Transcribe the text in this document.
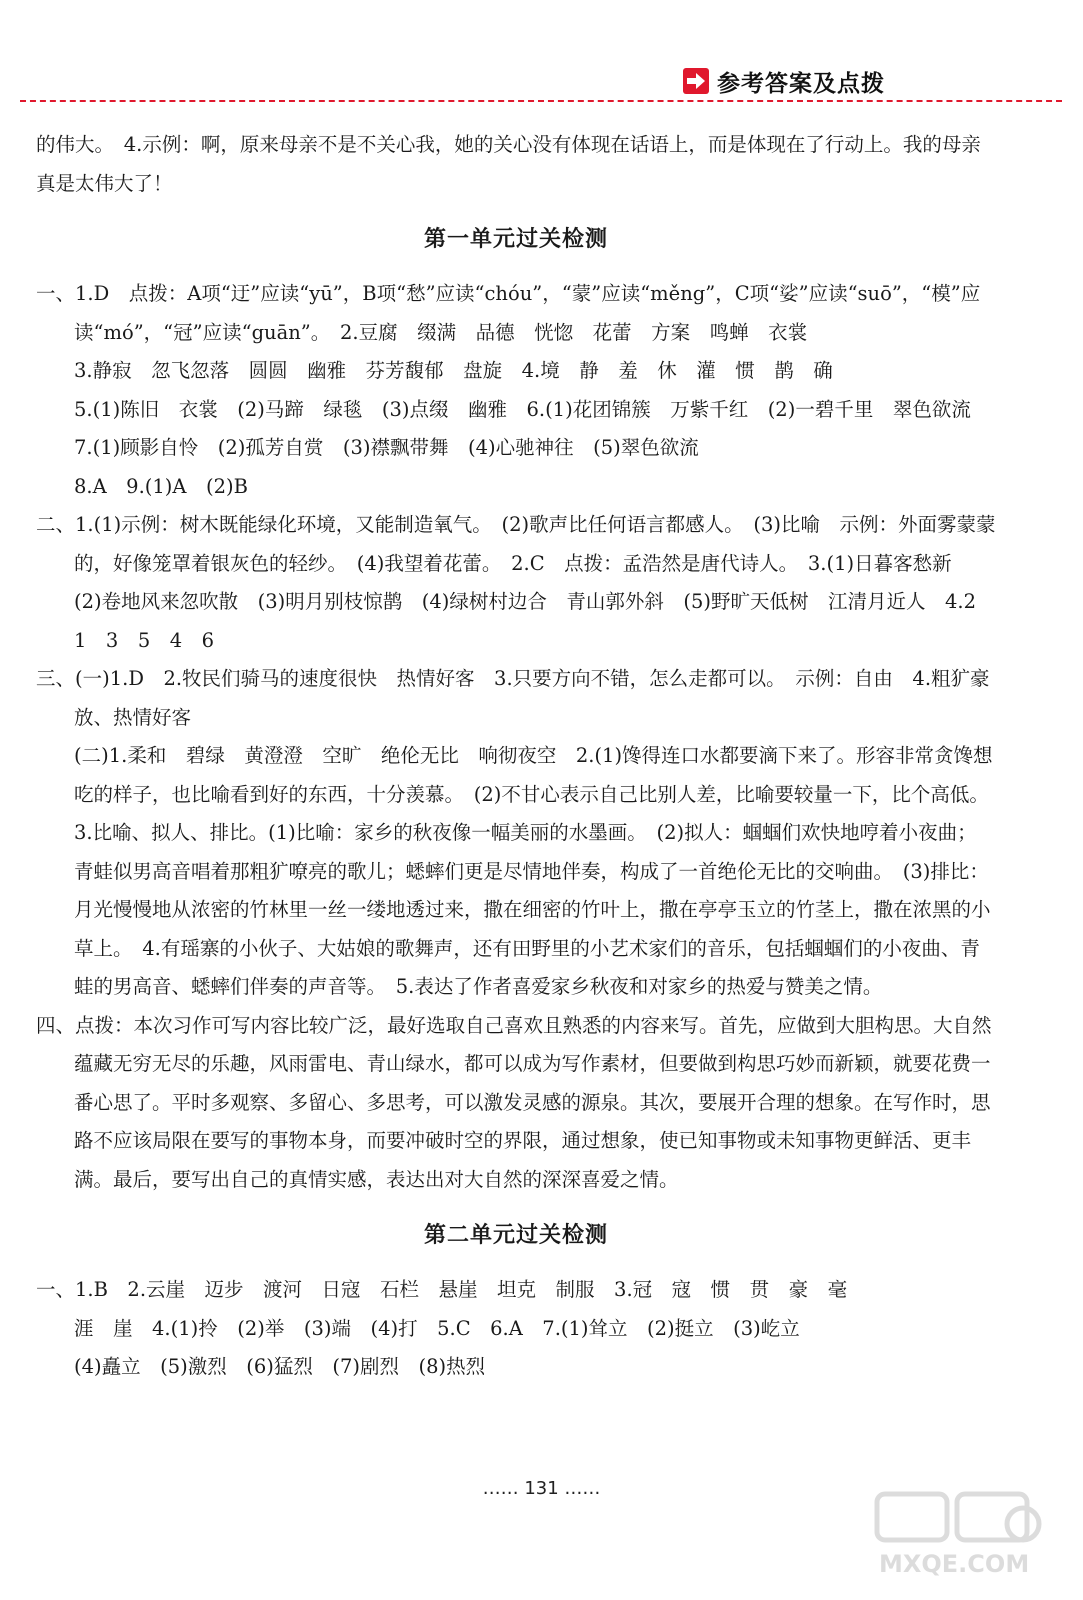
参考答案及点拨

的伟大。　4.示例：啊，原来母亲不是不关心我，她的关心没有体现在话语上，而是体现在了行动上。我的母亲真是太伟大了！

第一单元过关检测

一、1.D　点拨：A项“迂”应读“yū”，B项“愁”应读“chóu”，“蒙”应读“měng”，C项“娑”应读“suō”，“模”应读“mó”，“冠”应读“guān”。　2.豆腐　缀满　品德　恍惚　花蕾　方案　鸣蝉　衣裳

3.静寂　忽飞忽落　圆圆　幽雅　芬芳馥郁　盘旋　4.境　静　羞　休　灌　惯　鹊　确

5.(1)陈旧　衣裳　(2)马蹄　绿毯　(3)点缀　幽雅　6.(1)花团锦簇　万紫千红　(2)一碧千里　翠色欲流　7.(1)顾影自怜　(2)孤芳自赏　(3)襟飘带舞　(4)心驰神往　(5)翠色欲流

8.A　9.(1)A　(2)B

二、1.(1)示例：树木既能绿化环境，又能制造氧气。　(2)歌声比任何语言都感人。　(3)比喻　示例：外面雾蒙蒙的，好像笼罩着银灰色的轻纱。　(4)我望着花蕾。　2.C　点拨：孟浩然是唐代诗人。　3.(1)日暮客愁新　(2)卷地风来忽吹散　(3)明月别枝惊鹊　(4)绿树村边合　青山郭外斜　(5)野旷天低树　江清月近人　4.2　1　3　5　4　6

三、(一)1.D　2.牧民们骑马的速度很快　热情好客　3.只要方向不错，怎么走都可以。　示例：自由　4.粗犷豪放、热情好客

(二)1.柔和　碧绿　黄澄澄　空旷　绝伦无比　响彻夜空　2.(1)馋得连口水都要滴下来了。形容非常贪馋想吃的样子，也比喻看到好的东西，十分羡慕。　(2)不甘心表示自己比别人差，比喻要较量一下，比个高低。　3.比喻、拟人、排比。(1)比喻：家乡的秋夜像一幅美丽的水墨画。　(2)拟人：蝈蝈们欢快地哼着小夜曲；青蛙似男高音唱着那粗犷嘹亮的歌儿；蟋蟀们更是尽情地伴奏，构成了一首绝伦无比的交响曲。　(3)排比：月光慢慢地从浓密的竹林里一丝一缕地透过来，撒在细密的竹叶上，撒在亭亭玉立的竹茎上，撒在浓黑的小草上。　4.有瑶寨的小伙子、大姑娘的歌舞声，还有田野里的小艺术家们的音乐，包括蝈蝈们的小夜曲、青蛙的男高音、蟋蟀们伴奏的声音等。　5.表达了作者喜爱家乡秋夜和对家乡的热爱与赞美之情。

四、点拨：本次习作可写内容比较广泛，最好选取自己喜欢且熟悉的内容来写。首先，应做到大胆构思。大自然蕴藏无穷无尽的乐趣，风雨雷电、青山绿水，都可以成为写作素材，但要做到构思巧妙而新颖，就要花费一番心思了。平时多观察、多留心、多思考，可以激发灵感的源泉。其次，要展开合理的想象。在写作时，思路不应该局限在要写的事物本身，而要冲破时空的界限，通过想象，使已知事物或未知事物更鲜活、更丰满。最后，要写出自己的真情实感，表达出对大自然的深深喜爱之情。

第二单元过关检测

一、1.B　2.云崖　迈步　渡河　日寇　石栏　悬崖　坦克　制服　3.冠　寇　惯　贯　豪　毫

涯　崖　4.(1)拎　(2)举　(3)端　(4)打　5.C　6.A　7.(1)耸立　(2)挺立　(3)屹立

(4)矗立　(5)激烈　(6)猛烈　(7)剧烈　(8)热烈

…… 131 ……
MXQE.COM
